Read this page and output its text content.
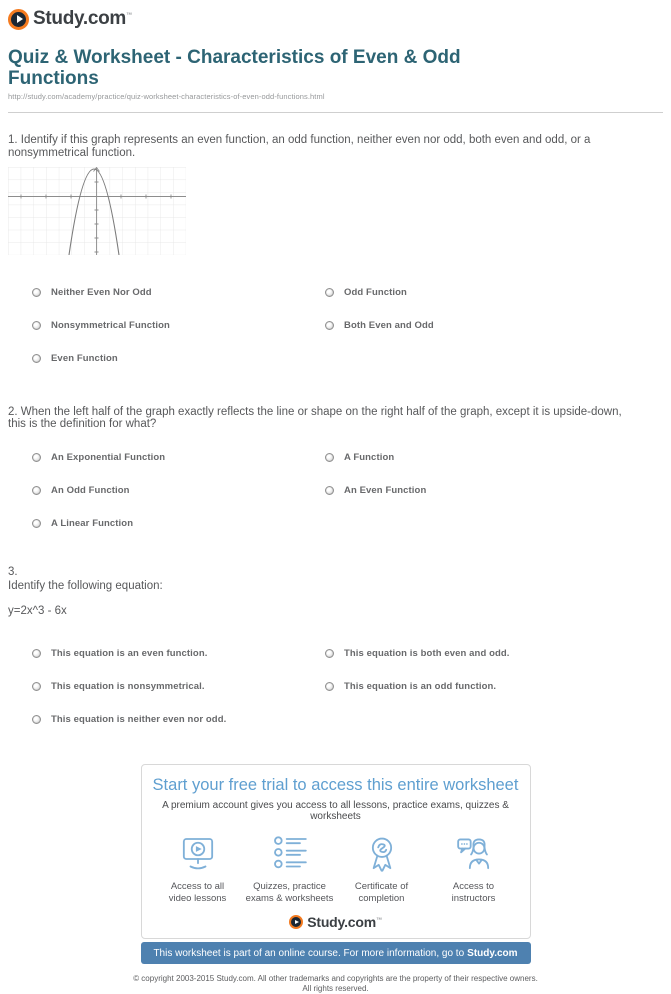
Study.com™
Quiz & Worksheet - Characteristics of Even & Odd Functions
http://study.com/academy/practice/quiz-worksheet-characteristics-of-even-odd-functions.html

1. Identify if this graph represents an even function, an odd function, neither even nor odd, both even and odd, or a nonsymmetrical function.

Neither Even Nor Odd
Nonsymmetrical Function
Even Function
Odd Function
Both Even and Odd

2. When the left half of the graph exactly reflects the line or shape on the right half of the graph, except it is upside-down, this is the definition for what?

An Exponential Function
An Odd Function
A Linear Function
A Function
An Even Function
3.
Identify the following equation:
y=2x^3 - 6x
This equation is an even function.
This equation is nonsymmetrical.
This equation is neither even nor odd.
This equation is both even and odd.
This equation is an odd function.
Start your free trial to access this entire worksheet
A premium account gives you access to all lessons, practice exams, quizzes & worksheets
Access to all
video lessons
Quizzes, practice
exams & worksheets
Certificate of
completion
Access to
instructors
Study.com™
This worksheet is part of an online course. For more information, go to Study.com
© copyright 2003-2015 Study.com. All other trademarks and copyrights are the property of their respective owners.
All rights reserved.
